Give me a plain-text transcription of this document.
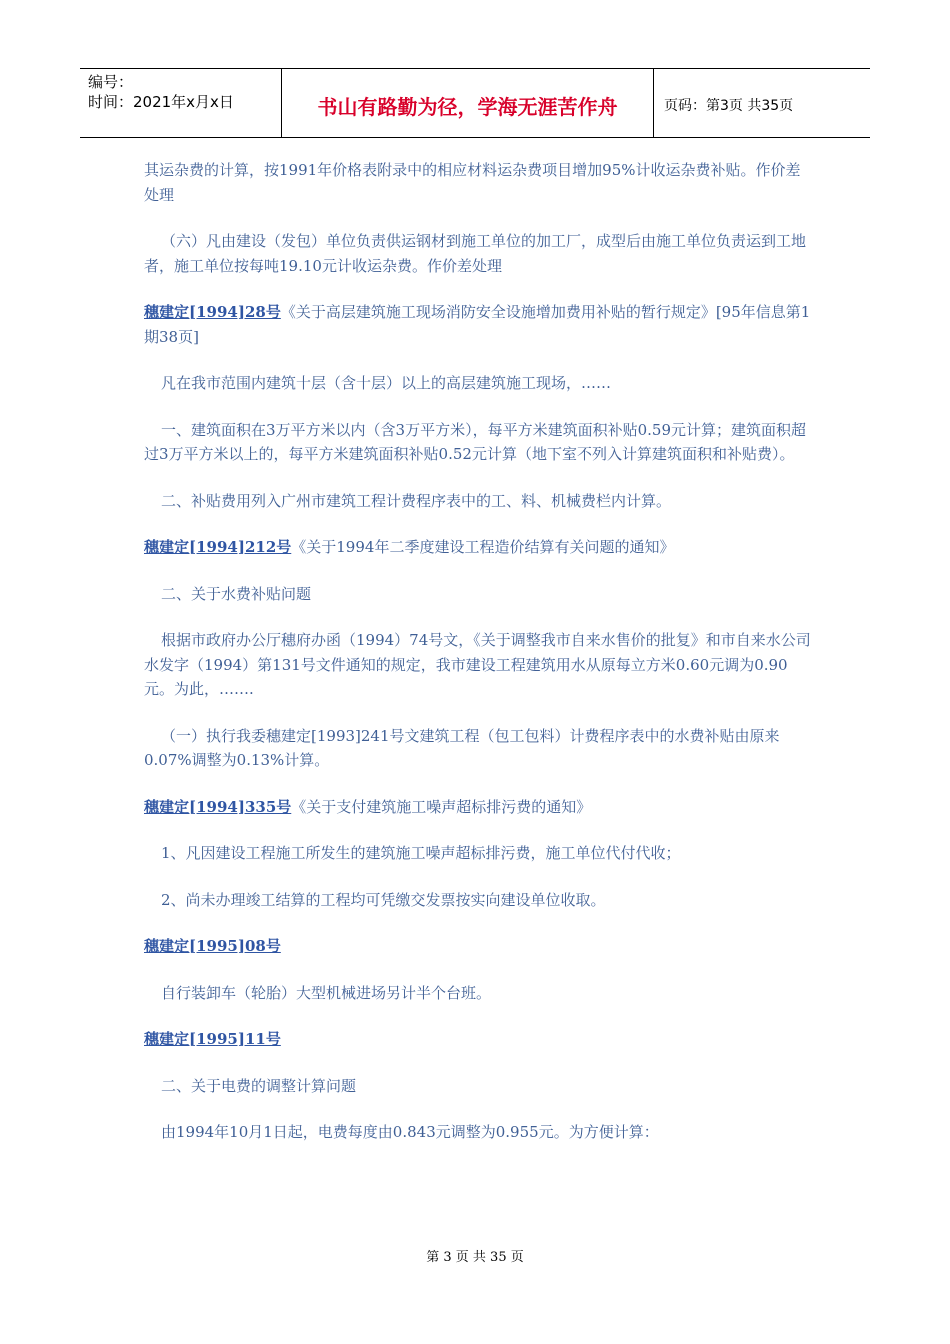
编号：
时间：2021年x月x日	书山有路勤为径，学海无涯苦作舟	页码：第3页 共35页

其运杂费的计算，按1991年价格表附录中的相应材料运杂费项目增加95%计收运杂费补贴。作价差处理

（六）凡由建设（发包）单位负责供运钢材到施工单位的加工厂，成型后由施工单位负责运到工地者，施工单位按每吨19.10元计收运杂费。作价差处理

穗建定[1994]28号《关于高层建筑施工现场消防安全设施增加费用补贴的暂行规定》[95年信息第1期38页]

凡在我市范围内建筑十层（含十层）以上的高层建筑施工现场，……

一、建筑面积在3万平方米以内（含3万平方米），每平方米建筑面积补贴0.59元计算；建筑面积超过3万平方米以上的，每平方米建筑面积补贴0.52元计算（地下室不列入计算建筑面积和补贴费）。

二、补贴费用列入广州市建筑工程计费程序表中的工、料、机械费栏内计算。

穗建定[1994]212号《关于1994年二季度建设工程造价结算有关问题的通知》

二、关于水费补贴问题

根据市政府办公厅穗府办函（1994）74号文，《关于调整我市自来水售价的批复》和市自来水公司水发字（1994）第131号文件通知的规定，我市建设工程建筑用水从原每立方米0.60元调为0.90元。为此，…….

（一）执行我委穗建定[1993]241号文建筑工程（包工包料）计费程序表中的水费补贴由原来0.07%调整为0.13%计算。

穗建定[1994]335号《关于支付建筑施工噪声超标排污费的通知》

1、凡因建设工程施工所发生的建筑施工噪声超标排污费，施工单位代付代收；

2、尚未办理竣工结算的工程均可凭缴交发票按实向建设单位收取。

穗建定[1995]08号

自行装卸车（轮胎）大型机械进场另计半个台班。

穗建定[1995]11号

二、关于电费的调整计算问题

由1994年10月1日起，电费每度由0.843元调整为0.955元。为方便计算：

第 3 页 共 35 页
